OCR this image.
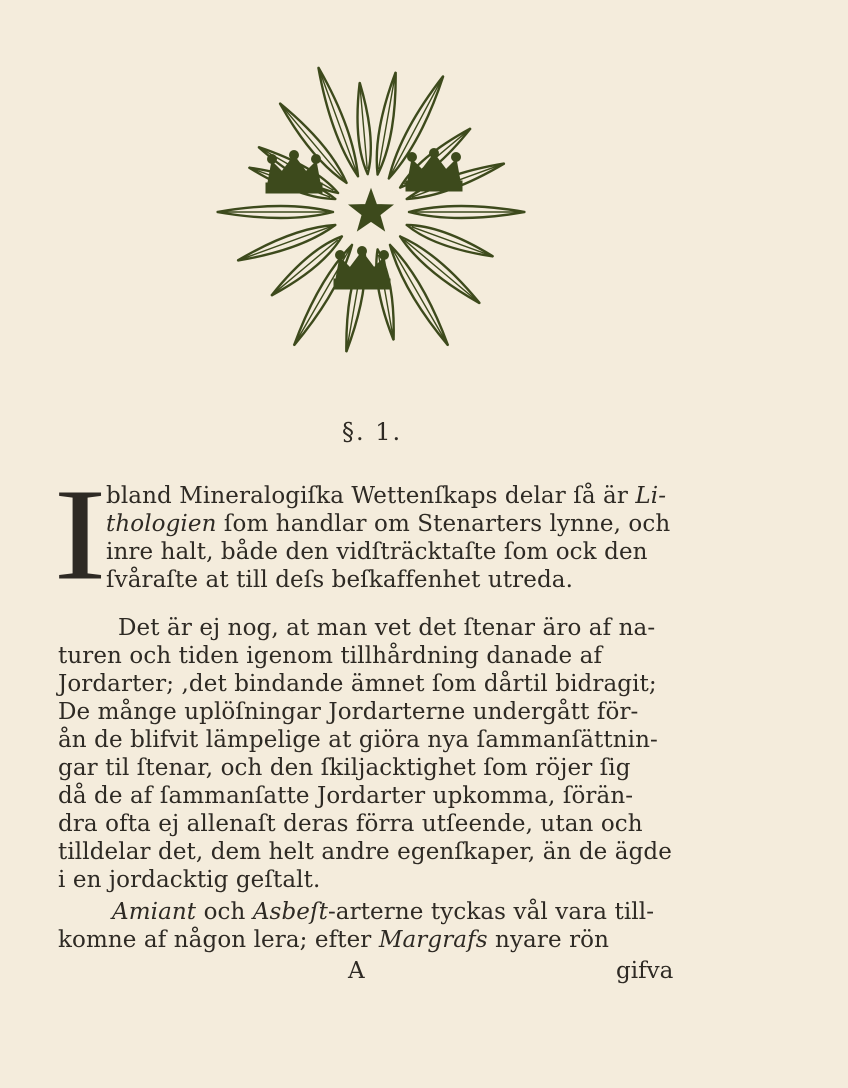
§. 1.
I bland Mineralogiſka Wettenſkaps delar ſå är Li-
thologien ſom handlar om Stenarters lynne, och
inre halt, både den vidſträcktaſte ſom ock den
ſvåraſte at till deſs beſkaffenhet utreda.
Det är ej nog, at man vet det ſtenar äro af na-
turen och tiden igenom tillhårdning danade af
Jordarter; ,det bindande ämnet ſom dårtil bidragit;
De månge uplöſningar Jordarterne undergått för-
ån de blifvit lämpelige at giöra nya ſammanſättnin-
gar til ſtenar, och den ſkiljacktighet ſom röjer ſig
då de af ſammanſatte Jordarter upkomma, ſörän-
dra ofta ej allenaſt deras förra utſeende, utan och
tilldelar det, dem helt andre egenſkaper, än de ägde
i en jordacktig geſtalt.
Amiant och Asbeſt-arterne tyckas vål vara till-
komne af någon lera; efter Margrafs nyare rön
A	gifva
